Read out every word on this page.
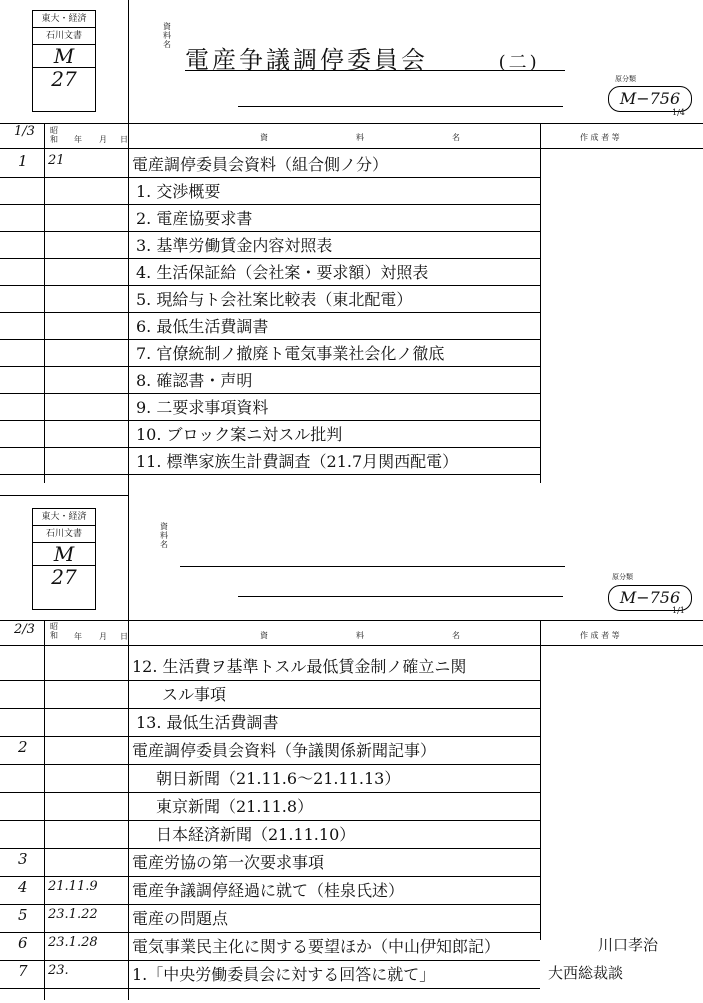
東大・経済
石川文書
M
27
資料名
電産争議調停委員会	(二)
原分類
M−756
1/4
1/3 昭和	年 月 日	資　料　名	作 成 者 等
1 21	電産調停委員会資料（組合側ノ分）
1. 交渉概要
2. 電産協要求書
3. 基準労働賃金内容対照表
4. 生活保証給（会社案・要求額）対照表
5. 現給与ト会社案比較表（東北配電）
6. 最低生活費調書
7. 官僚統制ノ撤廃ト電気事業社会化ノ徹底
8. 確認書・声明
9. 二要求事項資料
10. ブロック案ニ対スル批判
11. 標準家族生計費調査（21.7月関西配電）
東大・経済
石川文書
M
27
資料名
原分類
M−756
1/1
2/3 昭和	年 月 日	資　料　名	作 成 者 等
12. 生活費ヲ基準トスル最低賃金制ノ確立ニ関
スル事項
13. 最低生活費調書
2	電産調停委員会資料（争議関係新聞記事）
朝日新聞（21.11.6〜21.11.13）
東京新聞（21.11.8）
日本経済新聞（21.11.10）
3	電産労協の第一次要求事項
4 21.11.9 電産争議調停経過に就て（桂泉氏述）
5 23.1.22 電産の問題点
6 23.1.28 電気事業民主化に関する要望ほか（中山伊知郎記）	川口孝治
7 23.	1.「中央労働委員会に対する回答に就て」	大西総裁談
